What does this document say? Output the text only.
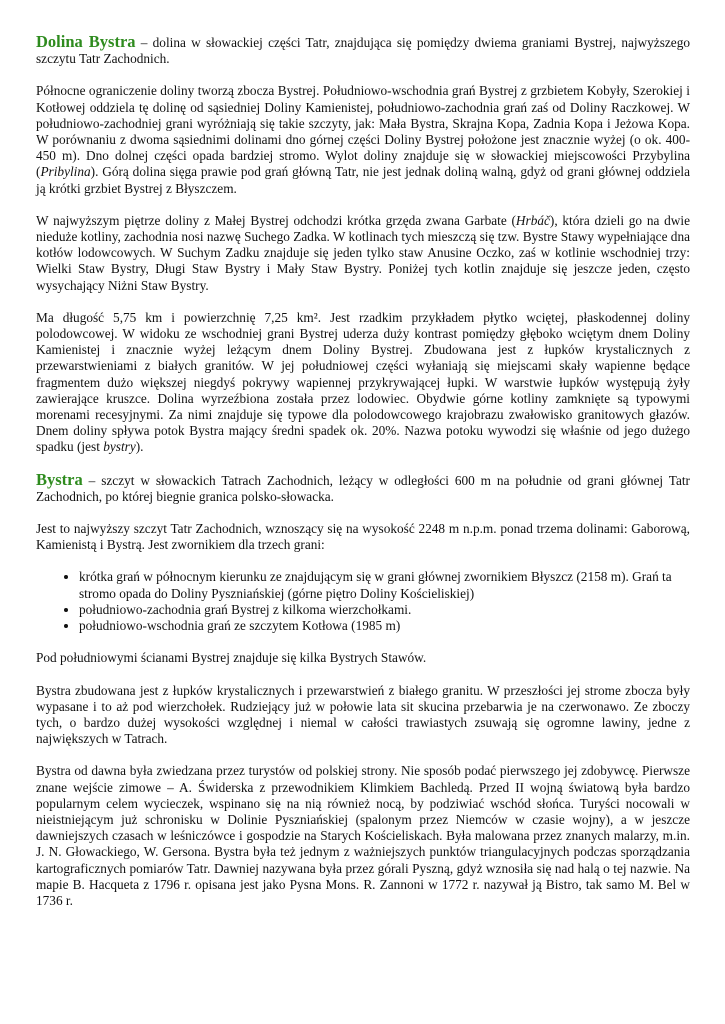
Dolina Bystra – dolina w słowackiej części Tatr, znajdująca się pomiędzy dwiema graniami Bystrej, najwyższego szczytu Tatr Zachodnich.

Północne ograniczenie doliny tworzą zbocza Bystrej. Południowo-wschodnia grań Bystrej z grzbietem Kobyły, Szerokiej i Kotłowej oddziela tę dolinę od sąsiedniej Doliny Kamienistej, południowo-zachodnia grań zaś od Doliny Raczkowej. W południowo-zachodniej grani wyróżniają się takie szczyty, jak: Mała Bystra, Skrajna Kopa, Zadnia Kopa i Jeżowa Kopa. W porównaniu z dwoma sąsiednimi dolinami dno górnej części Doliny Bystrej położone jest znacznie wyżej (o ok. 400-450 m). Dno dolnej części opada bardziej stromo. Wylot doliny znajduje się w słowackiej miejscowości Przybylina (Pribylina). Górą dolina sięga prawie pod grań główną Tatr, nie jest jednak doliną walną, gdyż od grani głównej oddziela ją krótki grzbiet Bystrej z Błyszczem.

W najwyższym piętrze doliny z Małej Bystrej odchodzi krótka grzęda zwana Garbate (Hrbáč), która dzieli go na dwie nieduże kotliny, zachodnia nosi nazwę Suchego Zadka. W kotlinach tych mieszczą się tzw. Bystre Stawy wypełniające dna kotłów lodowcowych. W Suchym Zadku znajduje się jeden tylko staw Anusine Oczko, zaś w kotlinie wschodniej trzy: Wielki Staw Bystry, Długi Staw Bystry i Mały Staw Bystry. Poniżej tych kotlin znajduje się jeszcze jeden, często wysychający Niżni Staw Bystry.

Ma długość 5,75 km i powierzchnię 7,25 km². Jest rzadkim przykładem płytko wciętej, płaskodennej doliny polodowcowej. W widoku ze wschodniej grani Bystrej uderza duży kontrast pomiędzy głęboko wciętym dnem Doliny Kamienistej i znacznie wyżej leżącym dnem Doliny Bystrej. Zbudowana jest z łupków krystalicznych z przewarstwieniami z białych granitów. W jej południowej części wyłaniają się miejscami skały wapienne będące fragmentem dużo większej niegdyś pokrywy wapiennej przykrywającej łupki. W warstwie łupków występują żyły zawierające kruszce. Dolina wyrzeźbiona została przez lodowiec. Obydwie górne kotliny zamknięte są typowymi morenami recesyjnymi. Za nimi znajduje się typowe dla polodowcowego krajobrazu zwałowisko granitowych głazów. Dnem doliny spływa potok Bystra mający średni spadek ok. 20%. Nazwa potoku wywodzi się właśnie od jego dużego spadku (jest bystry).

Bystra – szczyt w słowackich Tatrach Zachodnich, leżący w odległości 600 m na południe od grani głównej Tatr Zachodnich, po której biegnie granica polsko-słowacka.

Jest to najwyższy szczyt Tatr Zachodnich, wznoszący się na wysokość 2248 m n.p.m. ponad trzema dolinami: Gaborową, Kamienistą i Bystrą. Jest zwornikiem dla trzech grani:

• krótka grań w północnym kierunku ze znajdującym się w grani głównej zwornikiem Błyszcz (2158 m). Grań ta stromo opada do Doliny Pyszniańskiej (górne piętro Doliny Kościeliskiej)
• południowo-zachodnia grań Bystrej z kilkoma wierzchołkami.
• południowo-wschodnia grań ze szczytem Kotłowa (1985 m)

Pod południowymi ścianami Bystrej znajduje się kilka Bystrych Stawów.

Bystra zbudowana jest z łupków krystalicznych i przewarstwień z białego granitu. W przeszłości jej strome zbocza były wypasane i to aż pod wierzchołek. Rudziejący już w połowie lata sit skucina przebarwia je na czerwonawo. Ze zboczy tych, o bardzo dużej wysokości względnej i niemal w całości trawiastych zsuwają się ogromne lawiny, jedne z największych w Tatrach.

Bystra od dawna była zwiedzana przez turystów od polskiej strony. Nie sposób podać pierwszego jej zdobywcę. Pierwsze znane wejście zimowe – A. Świderska z przewodnikiem Klimkiem Bachledą. Przed II wojną światową była bardzo popularnym celem wycieczek, wspinano się na nią również nocą, by podziwiać wschód słońca. Turyści nocowali w nieistniejącym już schronisku w Dolinie Pyszniańskiej (spalonym przez Niemców w czasie wojny), a w jeszcze dawniejszych czasach w leśniczówce i gospodzie na Starych Kościeliskach. Była malowana przez znanych malarzy, m.in. J. N. Głowackiego, W. Gersona. Bystra była też jednym z ważniejszych punktów triangulacyjnych podczas sporządzania kartograficznych pomiarów Tatr. Dawniej nazywana była przez górali Pyszną, gdyż wznosiła się nad halą o tej nazwie. Na mapie B. Hacqueta z 1796 r. opisana jest jako Pysna Mons. R. Zannoni w 1772 r. nazywał ją Bistro, tak samo M. Bel w 1736 r.
